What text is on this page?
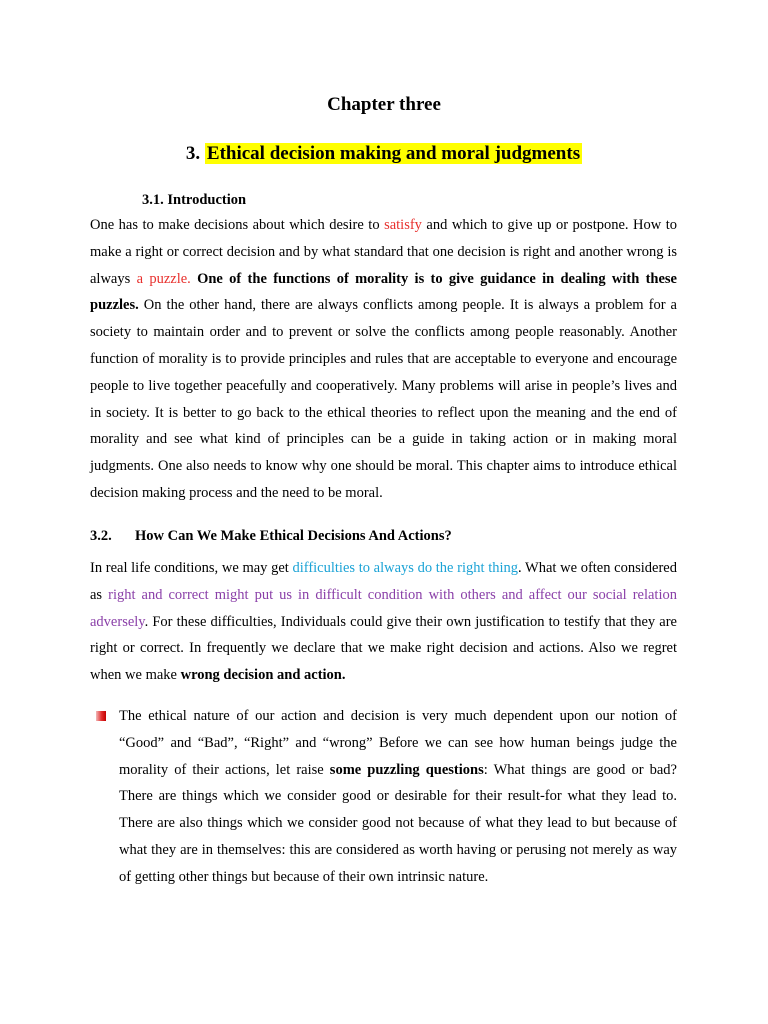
Chapter three
3. Ethical decision making and moral judgments
3.1. Introduction

One has to make decisions about which desire to satisfy and which to give up or postpone. How to make a right or correct decision and by what standard that one decision is right and another wrong is always a puzzle. One of the functions of morality is to give guidance in dealing with these puzzles. On the other hand, there are always conflicts among people. It is always a problem for a society to maintain order and to prevent or solve the conflicts among people reasonably. Another function of morality is to provide principles and rules that are acceptable to everyone and encourage people to live together peacefully and cooperatively. Many problems will arise in people’s lives and in society. It is better to go back to the ethical theories to reflect upon the meaning and the end of morality and see what kind of principles can be a guide in taking action or in making moral judgments. One also needs to know why one should be moral. This chapter aims to introduce ethical decision making process and the need to be moral.

3.2. How Can We Make Ethical Decisions And Actions?

In real life conditions, we may get difficulties to always do the right thing. What we often considered as right and correct might put us in difficult condition with others and affect our social relation adversely. For these difficulties, Individuals could give their own justification to testify that they are right or correct. In frequently we declare that we make right decision and actions. Also we regret when we make wrong decision and action.

The ethical nature of our action and decision is very much dependent upon our notion of “Good” and “Bad”, “Right” and “wrong” Before we can see how human beings judge the morality of their actions, let raise some puzzling questions: What things are good or bad? There are things which we consider good or desirable for their result-for what they lead to. There are also things which we consider good not because of what they lead to but because of what they are in themselves: this are considered as worth having or perusing not merely as way of getting other things but because of their own intrinsic nature.
